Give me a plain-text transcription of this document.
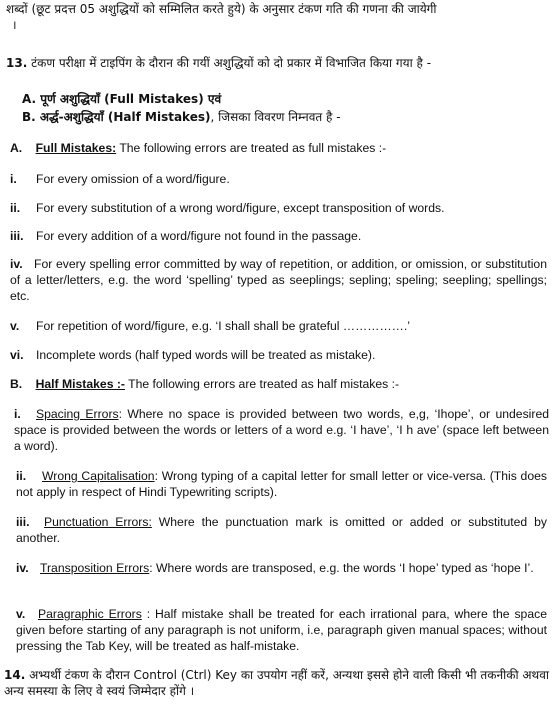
शब्दों (छूट प्रदत्त 05 अशुद्धियों को सम्मिलित करते हुये) के अनुसार टंकण गति की गणना की जायेगी
।
13. टंकण परीक्षा में टाइपिंग के दौरान की गयीं अशुद्धियों को दो प्रकार में विभाजित किया गया है -
A. पूर्ण अशुद्धियाँ (Full Mistakes) एवं
B. अर्द्ध-अशुद्धियाँ (Half Mistakes), जिसका विवरण निम्नवत है -
A. Full Mistakes: The following errors are treated as full mistakes :-
i. For every omission of a word/figure.
ii. For every substitution of a wrong word/figure, except transposition of words.
iii. For every addition of a word/figure not found in the passage.
iv. For every spelling error committed by way of repetition, or addition, or omission, or substitution of a letter/letters, e.g. the word ‘spelling’ typed as seeplings; sepling; speling; seepling; spellings; etc.
v. For repetition of word/figure, e.g. ‘I shall shall be grateful …………….’
vi. Incomplete words (half typed words will be treated as mistake).
B. Half Mistakes :- The following errors are treated as half mistakes :-
i. Spacing Errors: Where no space is provided between two words, e,g, ‘Ihope’, or undesired space is provided between the words or letters of a word e.g. ‘I have’, ‘I h ave’ (space left between a word).
ii. Wrong Capitalisation: Wrong typing of a capital letter for small letter or vice-versa. (This does not apply in respect of Hindi Typewriting scripts).
iii. Punctuation Errors: Where the punctuation mark is omitted or added or substituted by another.
iv. Transposition Errors: Where words are transposed, e.g. the words ‘I hope’ typed as ‘hope I’.
v. Paragraphic Errors : Half mistake shall be treated for each irrational para, where the space given before starting of any paragraph is not uniform, i.e, paragraph given manual spaces; without pressing the Tab Key, will be treated as half-mistake.
14. अभ्यर्थी टंकण के दौरान Control (Ctrl) Key का उपयोग नहीं करें, अन्यथा इससे होने वाली किसी भी तकनीकी अथवा अन्य समस्या के लिए वे स्वयं जिम्मेदार होंगे ।
